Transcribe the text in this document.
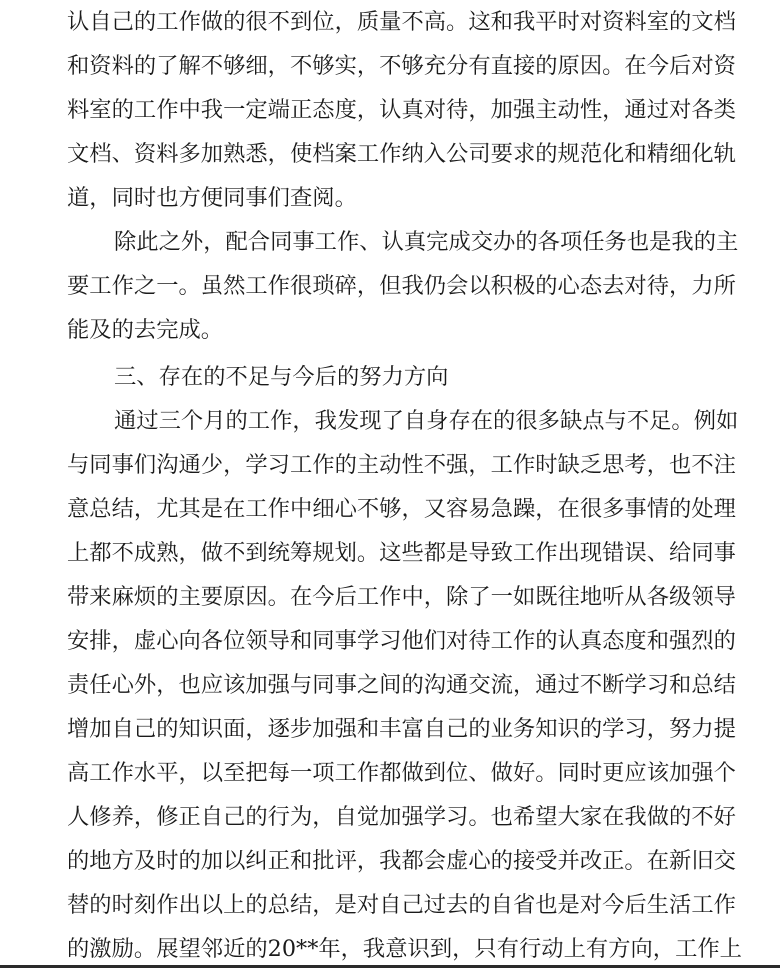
认自己的工作做的很不到位，质量不高。这和我平时对资料室的文档
和资料的了解不够细，不够实，不够充分有直接的原因。在今后对资
料室的工作中我一定端正态度，认真对待，加强主动性，通过对各类
文档、资料多加熟悉，使档案工作纳入公司要求的规范化和精细化轨
道，同时也方便同事们查阅。
除此之外，配合同事工作、认真完成交办的各项任务也是我的主
要工作之一。虽然工作很琐碎，但我仍会以积极的心态去对待，力所
能及的去完成。
三、存在的不足与今后的努力方向
通过三个月的工作，我发现了自身存在的很多缺点与不足。例如
与同事们沟通少，学习工作的主动性不强，工作时缺乏思考，也不注
意总结，尤其是在工作中细心不够，又容易急躁，在很多事情的处理
上都不成熟，做不到统筹规划。这些都是导致工作出现错误、给同事
带来麻烦的主要原因。在今后工作中，除了一如既往地听从各级领导
安排，虚心向各位领导和同事学习他们对待工作的认真态度和强烈的
责任心外，也应该加强与同事之间的沟通交流，通过不断学习和总结
增加自己的知识面，逐步加强和丰富自己的业务知识的学习，努力提
高工作水平，以至把每一项工作都做到位、做好。同时更应该加强个
人修养，修正自己的行为，自觉加强学习。也希望大家在我做的不好
的地方及时的加以纠正和批评，我都会虚心的接受并改正。在新旧交
替的时刻作出以上的总结，是对自己过去的自省也是对今后生活工作
的激励。展望邻近的20**年，我意识到，只有行动上有方向，工作上
